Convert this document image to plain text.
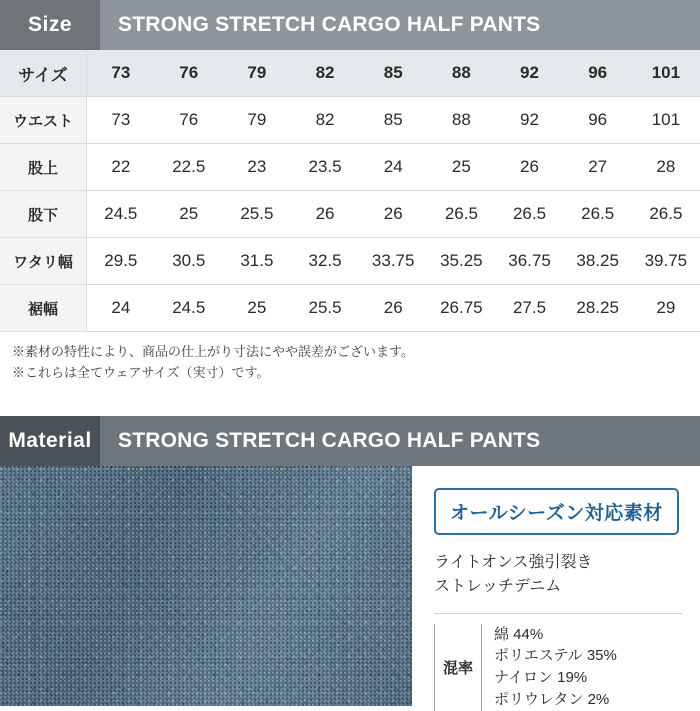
Size	STRONG STRETCH CARGO HALF PANTS
サイズ	73	76	79	82	85	88	92	96	101
ウエスト	73	76	79	82	85	88	92	96	101
股上	22	22.5	23	23.5	24	25	26	27	28
股下	24.5	25	25.5	26	26	26.5	26.5	26.5	26.5
ワタリ幅	29.5	30.5	31.5	32.5	33.75	35.25	36.75	38.25	39.75
裾幅	24	24.5	25	25.5	26	26.75	27.5	28.25	29
※素材の特性により、商品の仕上がり寸法にやや誤差がございます。
※これらは全てウェアサイズ（実寸）です。
Material	STRONG STRETCH CARGO HALF PANTS
オールシーズン対応素材
ライトオンス強引裂き
ストレッチデニム
混率
綿 44%
ポリエステル 35%
ナイロン 19%
ポリウレタン 2%
